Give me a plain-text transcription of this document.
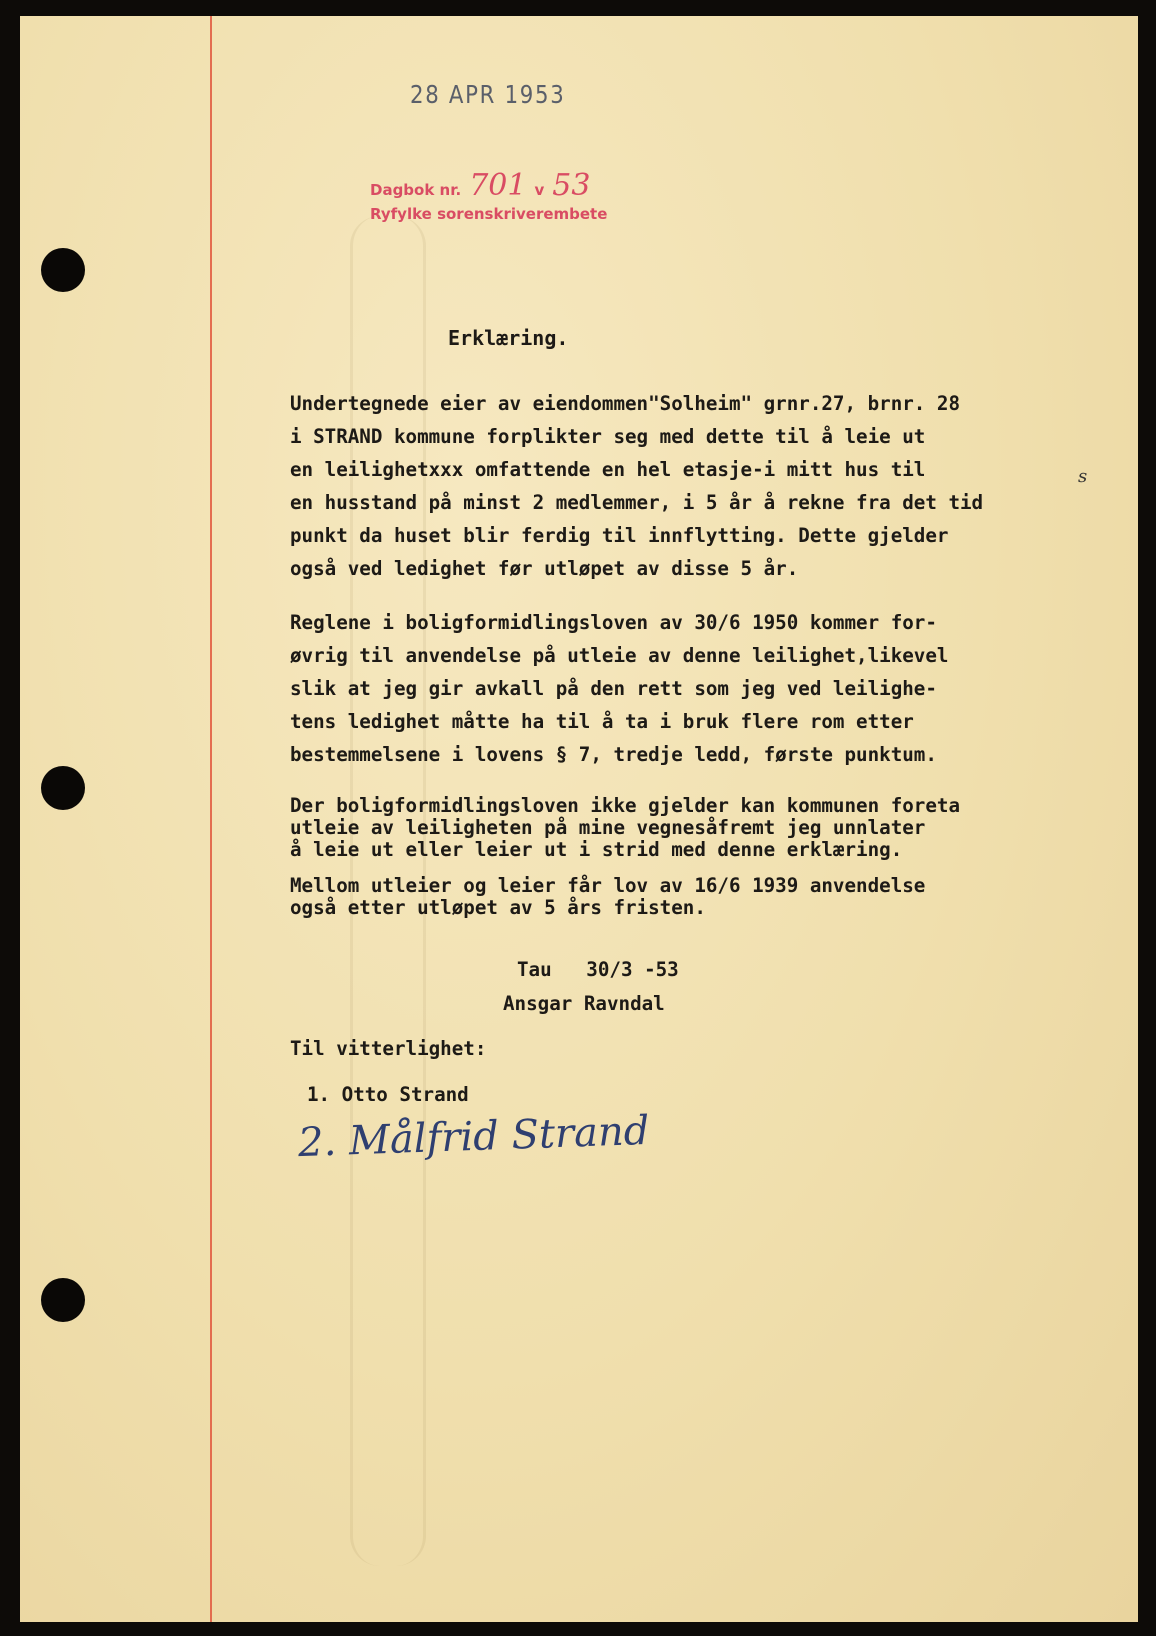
28 APR 1953
Dagbok nr. 701 v 53
Ryfylke sorenskriverembete
Erklæring.
Undertegnede eier av eiendommen"Solheim" grnr.27, brnr. 28
i STRAND kommune forplikter seg med dette til å leie ut
en leilighetxxx omfattende en hel etasje-i mitt hus til
en husstand på minst 2 medlemmer, i 5 år å rekne fra det tid
punkt da huset blir ferdig til innflytting. Dette gjelder
også ved ledighet før utløpet av disse 5 år.
s
Reglene i boligformidlingsloven av 30/6 1950 kommer for-
øvrig til anvendelse på utleie av denne leilighet,likevel
slik at jeg gir avkall på den rett som jeg ved leilighe-
tens ledighet måtte ha til å ta i bruk flere rom etter
bestemmelsene i lovens § 7, tredje ledd, første punktum.
Der boligformidlingsloven ikke gjelder kan kommunen foreta
utleie av leiligheten på mine vegnesåfremt jeg unnlater
å leie ut eller leier ut i strid med denne erklæring.
Mellom utleier og leier får lov av 16/6 1939 anvendelse
også etter utløpet av 5 års fristen.
Tau   30/3 -53
Ansgar Ravndal
Til vitterlighet:
1. Otto Strand
2. Målfrid Strand
